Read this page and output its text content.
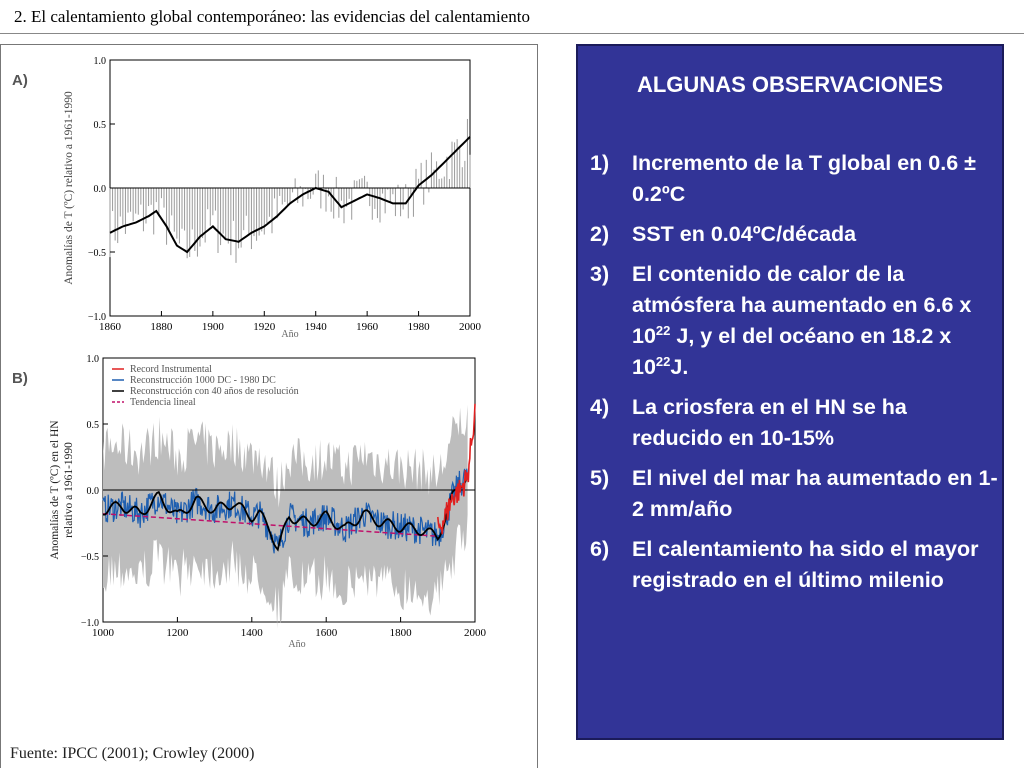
2. El calentamiento global contemporáneo: las evidencias del calentamiento
A)
B)
1860	1880	1900	1920	1940	1960	1980	2000
1.0
0.5
0.0
−0.5
−1.0
Anomalías de T (ºC) relativo a 1961-1990
Año
Record Instrumental
Reconstrucción 1000 DC - 1980 DC
Reconstrucción con 40 años de resolución
Tendencia lineal
1000	1200	1400	1600	1800	2000
1.0
0.5
0.0
−0.5
−1.0
Anomalías de T (ºC) en el HN relativo a 1961-1990
Año
Fuente: IPCC (2001); Crowley (2000)
ALGUNAS OBSERVACIONES
1) Incremento de la T global en 0.6 ± 0.2ºC
2) SST en 0.04ºC/década
3) El contenido de calor de la atmósfera ha aumentado en 6.6 x $10^{22}$ J, y el del océano en 18.2 x $10^{22}J$.
4) La criosfera en el HN se ha reducido en 10-15%
5) El nivel del mar ha aumentado en 1-2 mm/año
6) El calentamiento ha sido el mayor registrado en el último milenio
